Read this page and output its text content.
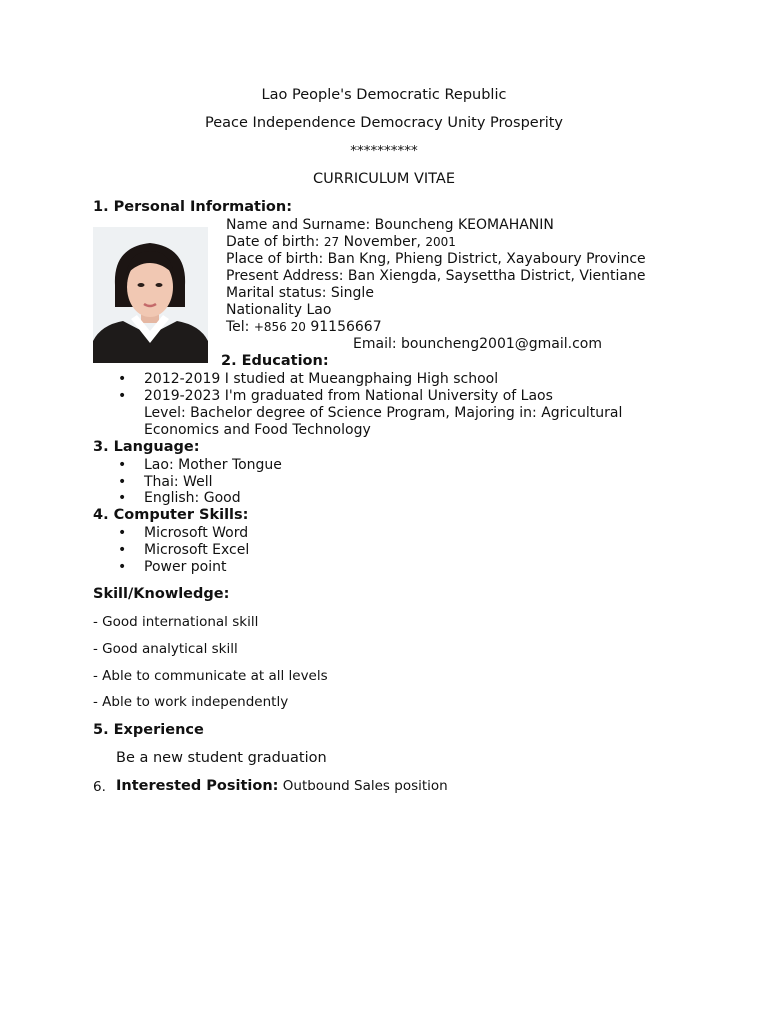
Lao People's Democratic Republic
Peace Independence Democracy Unity Prosperity
**********
CURRICULUM VITAE
1. Personal Information:
Name and Surname: Bouncheng KEOMAHANIN
Date of birth: 27 November, 2001
Place of birth: Ban Kng, Phieng District, Xayaboury Province
Present Address: Ban Xiengda, Saysettha District, Vientiane
Marital status: Single
Nationality Lao
Tel: +856 20 91156667
Email: bouncheng2001@gmail.com
2. Education:
• 2012-2019 I studied at Mueangphaing High school
• 2019-2023 I'm graduated from National University of Laos
Level: Bachelor degree of Science Program, Majoring in: Agricultural
Economics and Food Technology
3. Language:
• Lao: Mother Tongue
• Thai: Well
• English: Good
4. Computer Skills:
• Microsoft Word
• Microsoft Excel
• Power point
Skill/Knowledge:
- Good international skill
- Good analytical skill
- Able to communicate at all levels
- Able to work independently
5. Experience
Be a new student graduation
6. Interested Position: Outbound Sales position
